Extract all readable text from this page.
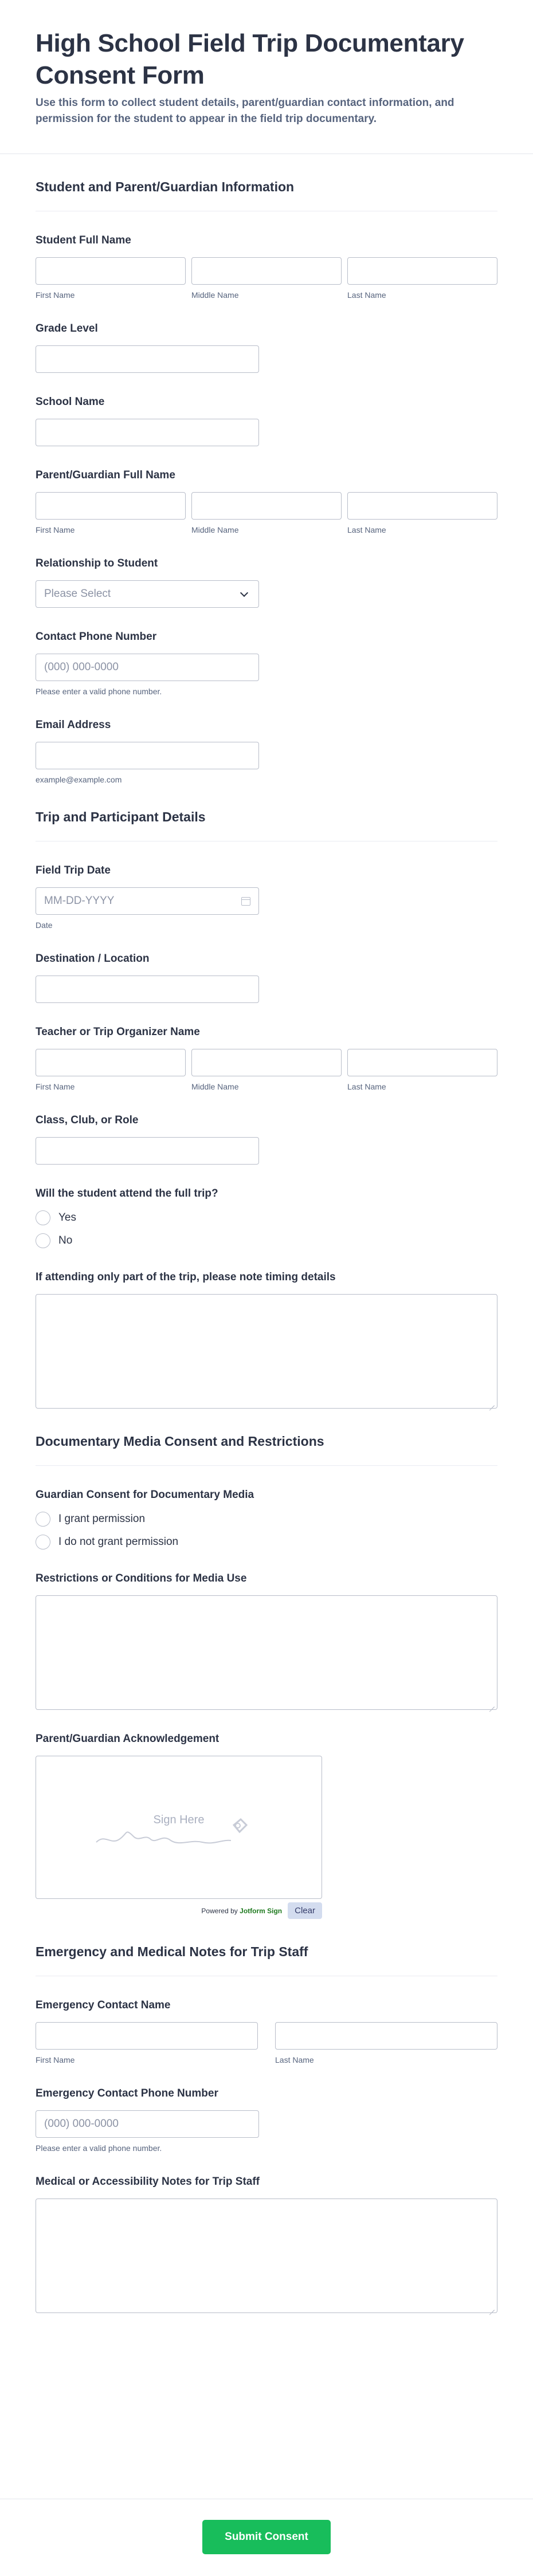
High School Field Trip Documentary Consent Form

Use this form to collect student details, parent/guardian contact information, and permission for the student to appear in the field trip documentary.

Student and Parent/Guardian Information
Student Full Name
First Name	Middle Name	Last Name
Grade Level
School Name
Parent/Guardian Full Name
First Name	Middle Name	Last Name
Relationship to Student
Please Select
Contact Phone Number
(000) 000-0000
Please enter a valid phone number.
Email Address
example@example.com
Trip and Participant Details
Field Trip Date
MM-DD-YYYY
Date
Destination / Location
Teacher or Trip Organizer Name
First Name	Middle Name	Last Name
Class, Club, or Role
Will the student attend the full trip?
Yes
No
If attending only part of the trip, please note timing details
Documentary Media Consent and Restrictions
Guardian Consent for Documentary Media
I grant permission
I do not grant permission
Restrictions or Conditions for Media Use
Parent/Guardian Acknowledgement
Sign Here
Powered by Jotform Sign	Clear
Emergency and Medical Notes for Trip Staff
Emergency Contact Name
First Name	Last Name
Emergency Contact Phone Number
(000) 000-0000
Please enter a valid phone number.
Medical or Accessibility Notes for Trip Staff
Submit Consent
